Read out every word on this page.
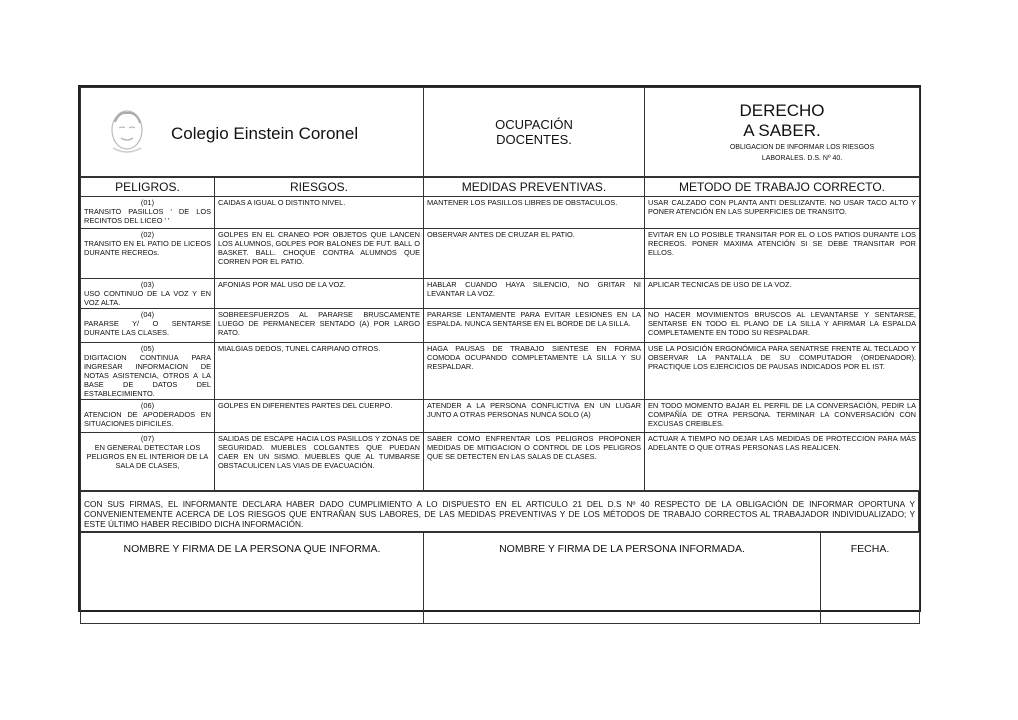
Colegio Einstein Coronel	OCUPACIÓN
DOCENTES.

DERECHO
A SABER.
OBLIGACION DE INFORMAR LOS RIESGOS
LABORALES. D.S. Nº 40.
PELIGROS.	RIESGOS.	MEDIDAS PREVENTIVAS.	METODO DE TRABAJO CORRECTO.

(01)
TRANSITO PASILLOS ' DE LOS RECINTOS DEL LICEO ' '	CAIDAS A IGUAL O DISTINTO NIVEL.	MANTENER LOS PASILLOS LIBRES DE OBSTACULOS.	USAR CALZADO CON PLANTA ANTI DESLIZANTE. NO USAR TACO ALTO Y PONER ATENCIÓN EN LAS SUPERFICIES DE TRANSITO.

(02)
TRANSITO EN EL PATIO DE LICEOS DURANTE RECREOs.	GOLPES EN EL CRANEO POR OBJETOS QUE LANCEN LOS ALUMNOS, GOLPES POR BALONES DE FUT. BALL O BASKET. BALL. CHOQUE CONTRA ALUMNOS QUE CORREN POR EL PATIO.	OBSERVAR ANTES DE CRUZAR EL PATIO.	EVITAR EN LO POSIBLE TRANSITAR POR EL O LOS PATIOS DURANTE LOS RECREOS. PONER MAXIMA ATENCIÓN SI SE DEBE TRANSITAR POR ELLOS.

(03)
USO CONTINUO DE LA VOZ Y EN VOZ ALTA.	AFONIAS POR MAL USO DE LA VOZ.	HABLAR CUANDO HAYA SILENCIO, NO GRITAR NI LEVANTAR LA VOZ.	APLICAR TECNICAS DE USO DE LA VOZ.

(04)
PARARSE Y/ O SENTARSE DURANTE LAS CLASES.	SOBREESFUERZOS AL PARARSE BRUSCAMENTE LUEGO DE PERMANECER SENTADO (A) POR LARGO RATO.	PARARSE LENTAMENTE PARA EVITAR LESIONES EN LA ESPALDA. NUNCA SENTARSE EN EL BORDE DE LA SILLA.	NO HACER MOVIMIENTOS BRUSCOS AL LEVANTARSE Y SENTARSE, SENTARSE EN TODO EL PLANO DE LA SILLA Y AFIRMAR LA ESPALDA COMPLETAMENTE EN TODO SU RESPALDAR.

(05)
DIGITACION CONTINUA PARA INGRESAR INFORMACION DE NOTAS ASISTENCIA, OTROS A LA BASE DE DATOS DEL ESTABLECIMIENTO.	MIALGIAS DEDOS, TUNEL CARPIANO OTROS.	HAGA PAUSAS DE TRABAJO SIENTESE EN FORMA COMODA OCUPANDO COMPLETAMENTE LA SILLA Y SU RESPALDAR.	USE LA POSICIÓN ERGONÓMICA PARA SENATRSE FRENTE AL TECLADO Y OBSERVAR LA PANTALLA DE SU COMPUTADOR (ORDENADOR). PRACTIQUE LOS EJERCICIOS DE PAUSAS INDICADOS POR EL IST.

(06)
ATENCION DE APODERADOS EN SITUACIONES DIFICILES.	GOLPES EN DIFERENTES PARTES DEL CUERPO.	ATENDER A LA PERSONA CONFLICTIVA EN UN LUGAR JUNTO A OTRAS PERSONAS NUNCA SOLO (A)	EN TODO MOMENTO BAJAR EL PERFIL DE LA CONVERSACIÓN, PEDIR LA COMPAÑÍA DE OTRA PERSONA. TERMINAR LA CONVERSACIÓN CON EXCUSAS CREIBLES.

(07)
EN GENERAL DETECTAR LOS PELIGROS EN EL INTERIOR DE LA SALA DE CLASES,	SALIDAS DE ESCAPE HACIA LOS PASILLOS Y ZONAS DE SEGURIDAD. MUEBLES COLGANTES QUE PUEDAN CAER EN UN SISMO. MUEBLES QUE AL TUMBARSE OBSTACULICEN LAS VIAS DE EVACUACIÓN.	SABER COMO ENFRENTAR LOS PELIGROS PROPONER MEDIDAS DE MITIGACION O CONTROL DE LOS PELIGROS QUE SE DETECTEN EN LAS SALAS DE CLASES.	ACTUAR A TIEMPO NO DEJAR LAS MEDIDAS DE PROTECCION PARA MÁS ADELANTE O QUE OTRAS PERSONAS LAS REALICEN.
CON SUS FIRMAS, EL INFORMANTE DECLARA HABER DADO CUMPLIMIENTO A LO DISPUESTO EN EL ARTICULO 21 DEL D.S Nº 40 RESPECTO DE LA OBLIGACIÓN DE INFORMAR OPORTUNA Y CONVENIENTEMENTE ACERCA DE LOS RIESGOS QUE ENTRAÑAN SUS LABORES, DE LAS MEDIDAS PREVENTIVAS Y DE LOS MÉTODOS DE TRABAJO CORRECTOS AL TRABAJADOR INDIVIDUALIZADO; Y ESTE ÚLTIMO HABER RECIBIDO DICHA INFORMACIÓN.
NOMBRE Y FIRMA DE LA PERSONA QUE INFORMA.	NOMBRE Y FIRMA DE LA PERSONA INFORMADA.	FECHA.
